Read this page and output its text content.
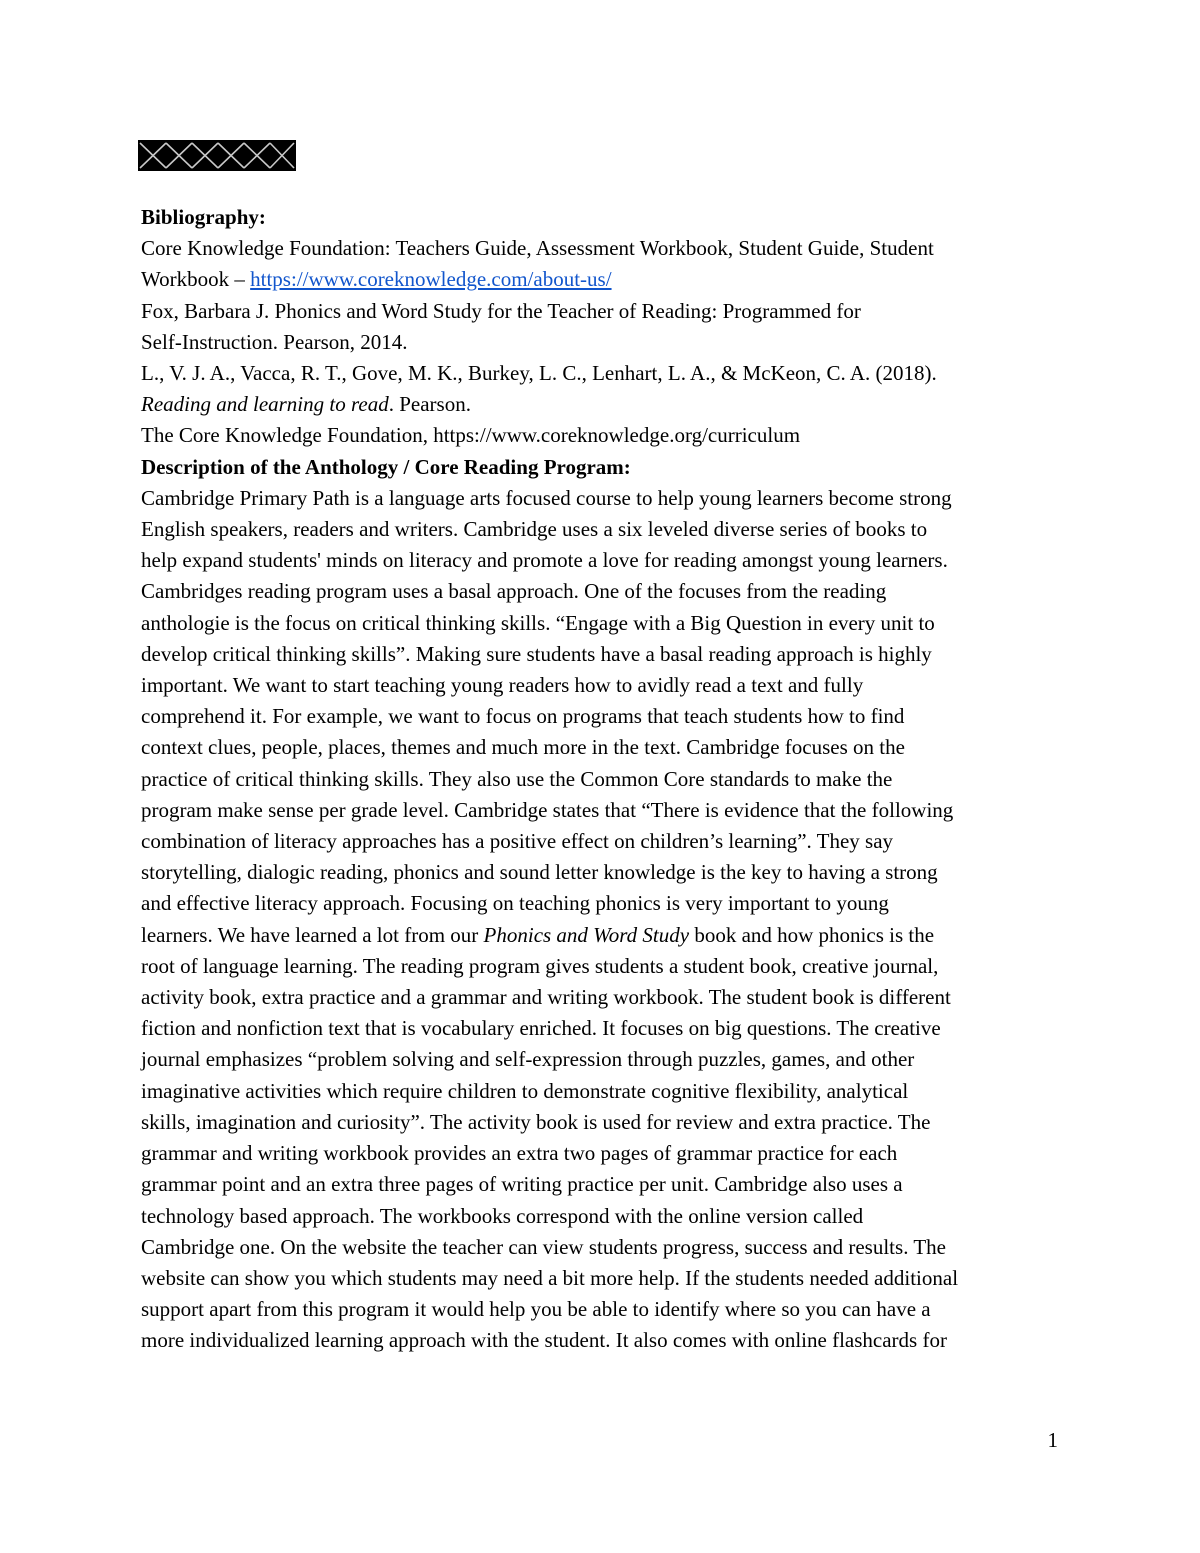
Bibliography:
Core Knowledge Foundation: Teachers Guide, Assessment Workbook, Student Guide, Student
Workbook – https://www.coreknowledge.com/about-us/
Fox, Barbara J. Phonics and Word Study for the Teacher of Reading: Programmed for
Self-Instruction. Pearson, 2014.
L., V. J. A., Vacca, R. T., Gove, M. K., Burkey, L. C., Lenhart, L. A., & McKeon, C. A. (2018).
Reading and learning to read. Pearson.
The Core Knowledge Foundation, https://www.coreknowledge.org/curriculum
Description of the Anthology / Core Reading Program:
Cambridge Primary Path is a language arts focused course to help young learners become strong
English speakers, readers and writers. Cambridge uses a six leveled diverse series of books to
help expand students' minds on literacy and promote a love for reading amongst young learners.
Cambridges reading program uses a basal approach. One of the focuses from the reading
anthologie is the focus on critical thinking skills. “Engage with a Big Question in every unit to
develop critical thinking skills”. Making sure students have a basal reading approach is highly
important. We want to start teaching young readers how to avidly read a text and fully
comprehend it. For example, we want to focus on programs that teach students how to find
context clues, people, places, themes and much more in the text. Cambridge focuses on the
practice of critical thinking skills. They also use the Common Core standards to make the
program make sense per grade level. Cambridge states that “There is evidence that the following
combination of literacy approaches has a positive effect on children’s learning”. They say
storytelling, dialogic reading, phonics and sound letter knowledge is the key to having a strong
and effective literacy approach. Focusing on teaching phonics is very important to young
learners. We have learned a lot from our Phonics and Word Study book and how phonics is the
root of language learning. The reading program gives students a student book, creative journal,
activity book, extra practice and a grammar and writing workbook. The student book is different
fiction and nonfiction text that is vocabulary enriched. It focuses on big questions. The creative
journal emphasizes “problem solving and self-expression through puzzles, games, and other
imaginative activities which require children to demonstrate cognitive flexibility, analytical
skills, imagination and curiosity”. The activity book is used for review and extra practice. The
grammar and writing workbook provides an extra two pages of grammar practice for each
grammar point and an extra three pages of writing practice per unit. Cambridge also uses a
technology based approach. The workbooks correspond with the online version called
Cambridge one. On the website the teacher can view students progress, success and results. The
website can show you which students may need a bit more help. If the students needed additional
support apart from this program it would help you be able to identify where so you can have a
more individualized learning approach with the student. It also comes with online flashcards for
1
